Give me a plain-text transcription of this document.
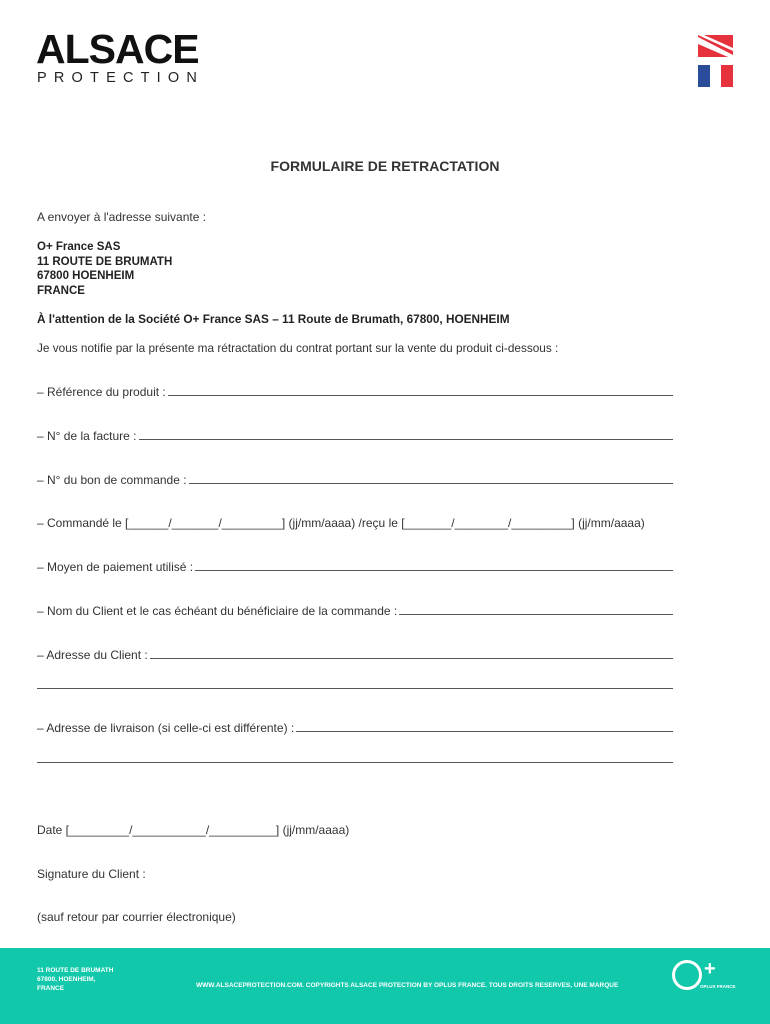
ALSACE
PROTECTION
FORMULAIRE DE RETRACTATION
A envoyer à l'adresse suivante :
O+ France SAS
11 ROUTE DE BRUMATH
67800 HOENHEIM
FRANCE
À l'attention de la Société O+ France SAS – 11 Route de Brumath, 67800, HOENHEIM
Je vous notifie par la présente ma rétractation du contrat portant sur la vente du produit ci-dessous :
– Référence du produit :
– N° de la facture :
– N° du bon de commande :
– Commandé le [______/_______/_________] (jj/mm/aaaa) /reçu le [_______/________/_________] (jj/mm/aaaa)
– Moyen de paiement utilisé :
– Nom du Client et le cas échéant du bénéficiaire de la commande :
– Adresse du Client :
– Adresse de livraison (si celle-ci est différente) :
Date [_________/___________/__________] (jj/mm/aaaa)
Signature du Client :
(sauf retour par courrier électronique)
11 ROUTE DE BRUMATH
67800, HOENHEIM,
FRANCE	WWW.ALSACEPROTECTION.COM. COPYRIGHTS ALSACE PROTECTION BY OPLUS FRANCE. TOUS DROITS RESERVES, UNE MARQUE
+
OPLUS FRANCE
